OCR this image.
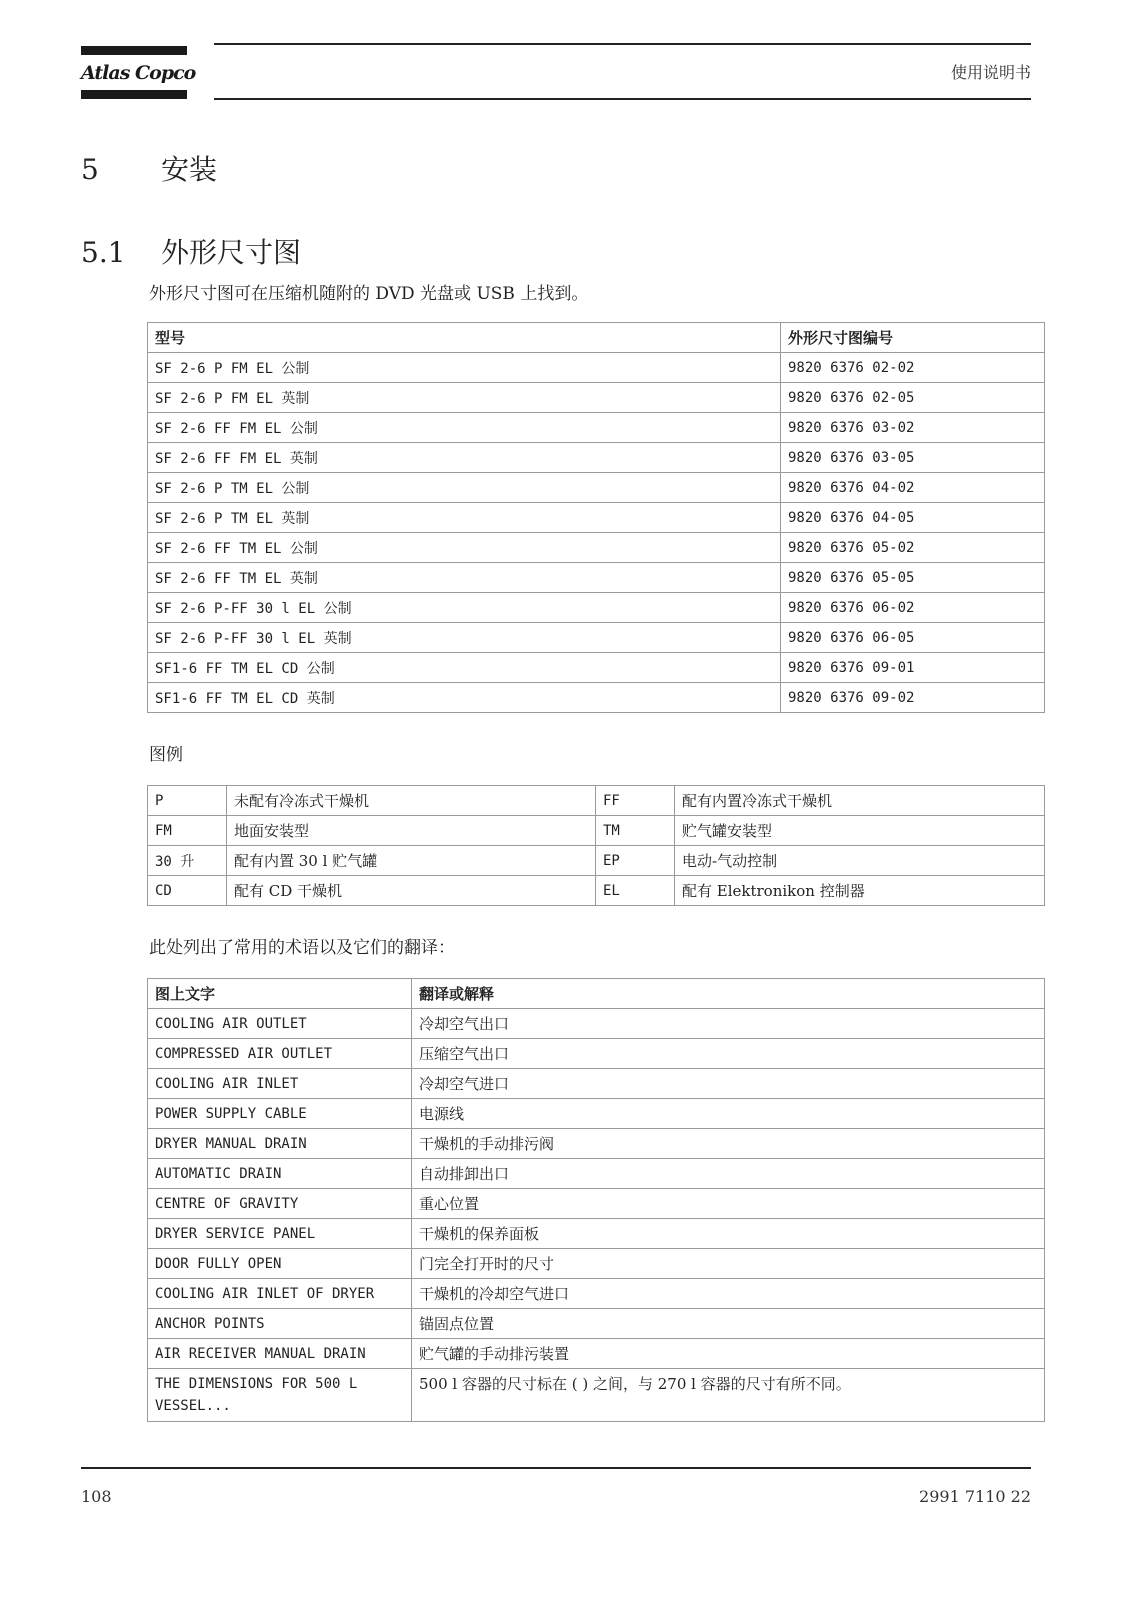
Atlas Copco	使用说明书
5 安装
5.1 外形尺寸图
外形尺寸图可在压缩机随附的 DVD 光盘或 USB 上找到。
型号	外形尺寸图编号
SF 2-6 P FM EL 公制	9820 6376 02-02
SF 2-6 P FM EL 英制	9820 6376 02-05
SF 2-6 FF FM EL 公制	9820 6376 03-02
SF 2-6 FF FM EL 英制	9820 6376 03-05
SF 2-6 P TM EL 公制	9820 6376 04-02
SF 2-6 P TM EL 英制	9820 6376 04-05
SF 2-6 FF TM EL 公制	9820 6376 05-02
SF 2-6 FF TM EL 英制	9820 6376 05-05
SF 2-6 P-FF 30 l EL 公制	9820 6376 06-02
SF 2-6 P-FF 30 l EL 英制	9820 6376 06-05
SF1-6 FF TM EL CD 公制	9820 6376 09-01
SF1-6 FF TM EL CD 英制	9820 6376 09-02
图例
P	未配有冷冻式干燥机	FF	配有内置冷冻式干燥机
FM	地面安装型	TM	贮气罐安装型
30 升	配有内置 30 l 贮气罐	EP	电动-气动控制
CD	配有 CD 干燥机	EL	配有 Elektronikon 控制器
此处列出了常用的术语以及它们的翻译：
图上文字	翻译或解释
COOLING AIR OUTLET	冷却空气出口
COMPRESSED AIR OUTLET	压缩空气出口
COOLING AIR INLET	冷却空气进口
POWER SUPPLY CABLE	电源线
DRYER MANUAL DRAIN	干燥机的手动排污阀
AUTOMATIC DRAIN	自动排卸出口
CENTRE OF GRAVITY	重心位置
DRYER SERVICE PANEL	干燥机的保养面板
DOOR FULLY OPEN	门完全打开时的尺寸
COOLING AIR INLET OF DRYER	干燥机的冷却空气进口
ANCHOR POINTS	锚固点位置
AIR RECEIVER MANUAL DRAIN	贮气罐的手动排污装置
THE DIMENSIONS FOR 500 L VESSEL...	500 l 容器的尺寸标在 ( ) 之间，与 270 l 容器的尺寸有所不同。
108	2991 7110 22
